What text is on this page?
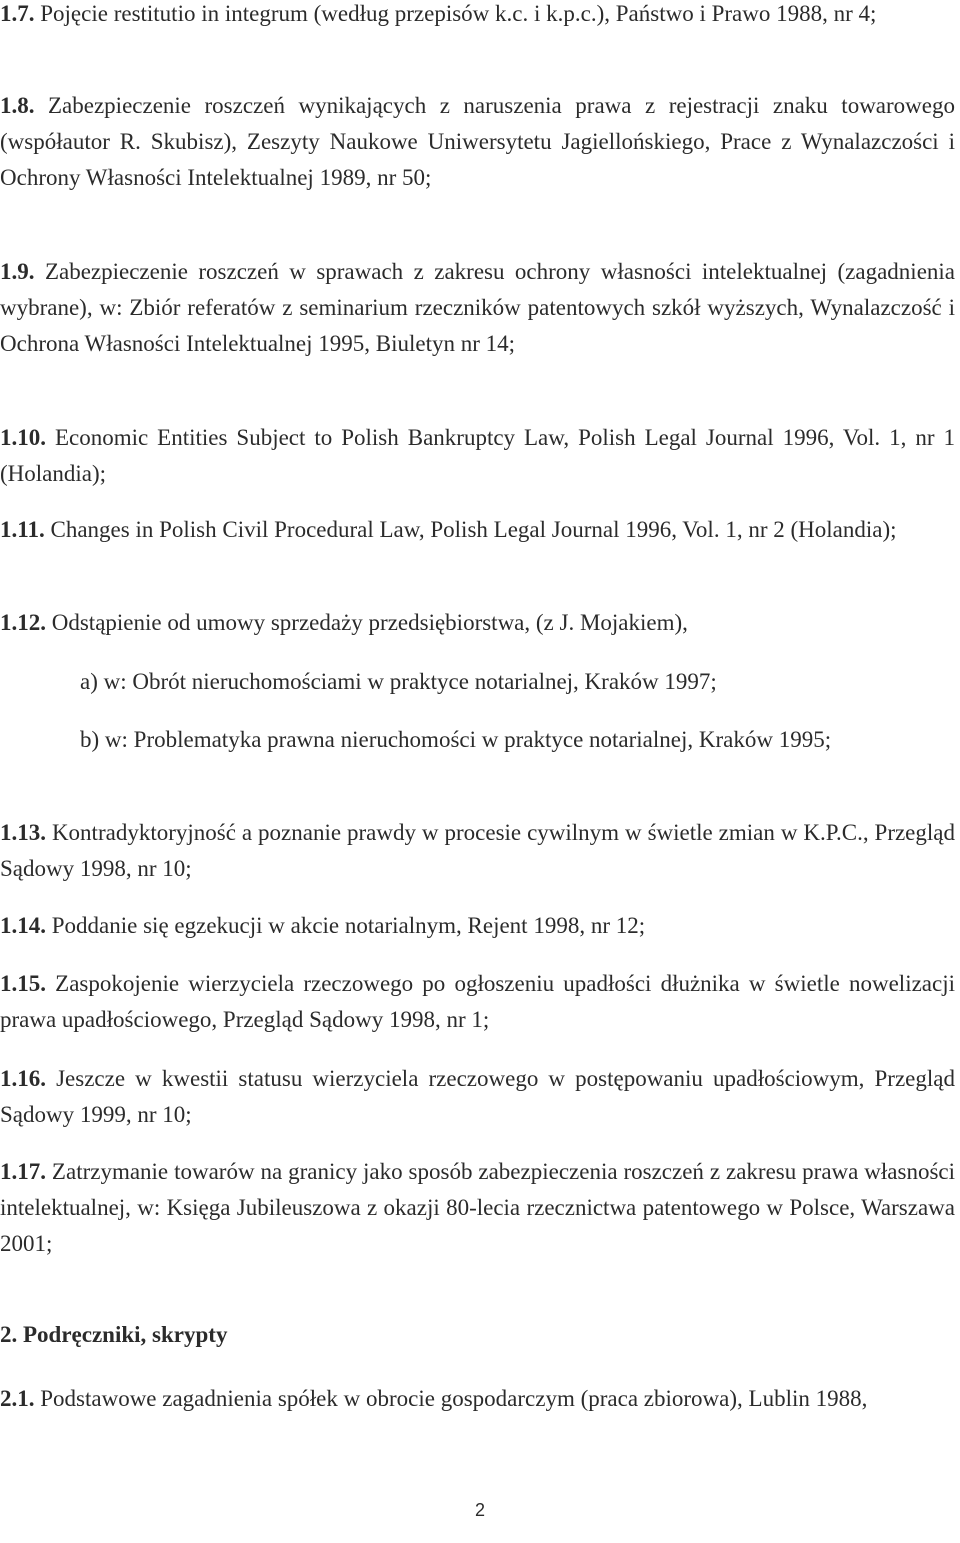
1.7. Pojęcie restitutio in integrum (według przepisów k.c. i k.p.c.), Państwo i Prawo 1988, nr 4;

1.8. Zabezpieczenie roszczeń wynikających z naruszenia prawa z rejestracji znaku towarowego (współautor R. Skubisz), Zeszyty Naukowe Uniwersytetu Jagiellońskiego, Prace z Wynalazczości i Ochrony Własności Intelektualnej 1989, nr 50;

1.9. Zabezpieczenie roszczeń w sprawach z zakresu ochrony własności intelektualnej (zagadnienia wybrane), w: Zbiór referatów z seminarium rzeczników patentowych szkół wyższych, Wynalazczość i Ochrona Własności Intelektualnej 1995, Biuletyn nr 14;

1.10. Economic Entities Subject to Polish Bankruptcy Law, Polish Legal Journal 1996, Vol. 1, nr 1 (Holandia);

1.11. Changes in Polish Civil Procedural Law, Polish Legal Journal 1996, Vol. 1, nr 2 (Holandia);

1.12. Odstąpienie od umowy sprzedaży przedsiębiorstwa, (z J. Mojakiem),

a) w: Obrót nieruchomościami w praktyce notarialnej, Kraków 1997;

b) w: Problematyka prawna nieruchomości w praktyce notarialnej, Kraków 1995;

1.13. Kontradyktoryjność a poznanie prawdy w procesie cywilnym w świetle zmian w K.P.C., Przegląd Sądowy 1998, nr 10;

1.14. Poddanie się egzekucji w akcie notarialnym, Rejent 1998, nr 12;

1.15. Zaspokojenie wierzyciela rzeczowego po ogłoszeniu upadłości dłużnika w świetle nowelizacji prawa upadłościowego, Przegląd Sądowy 1998, nr 1;

1.16. Jeszcze w kwestii statusu wierzyciela rzeczowego w postępowaniu upadłościowym, Przegląd Sądowy 1999, nr 10;

1.17. Zatrzymanie towarów na granicy jako sposób zabezpieczenia roszczeń z zakresu prawa własności intelektualnej, w: Księga Jubileuszowa z okazji 80-lecia rzecznictwa patentowego w Polsce, Warszawa 2001;

2. Podręczniki, skrypty

2.1. Podstawowe zagadnienia spółek w obrocie gospodarczym (praca zbiorowa), Lublin 1988,

2
